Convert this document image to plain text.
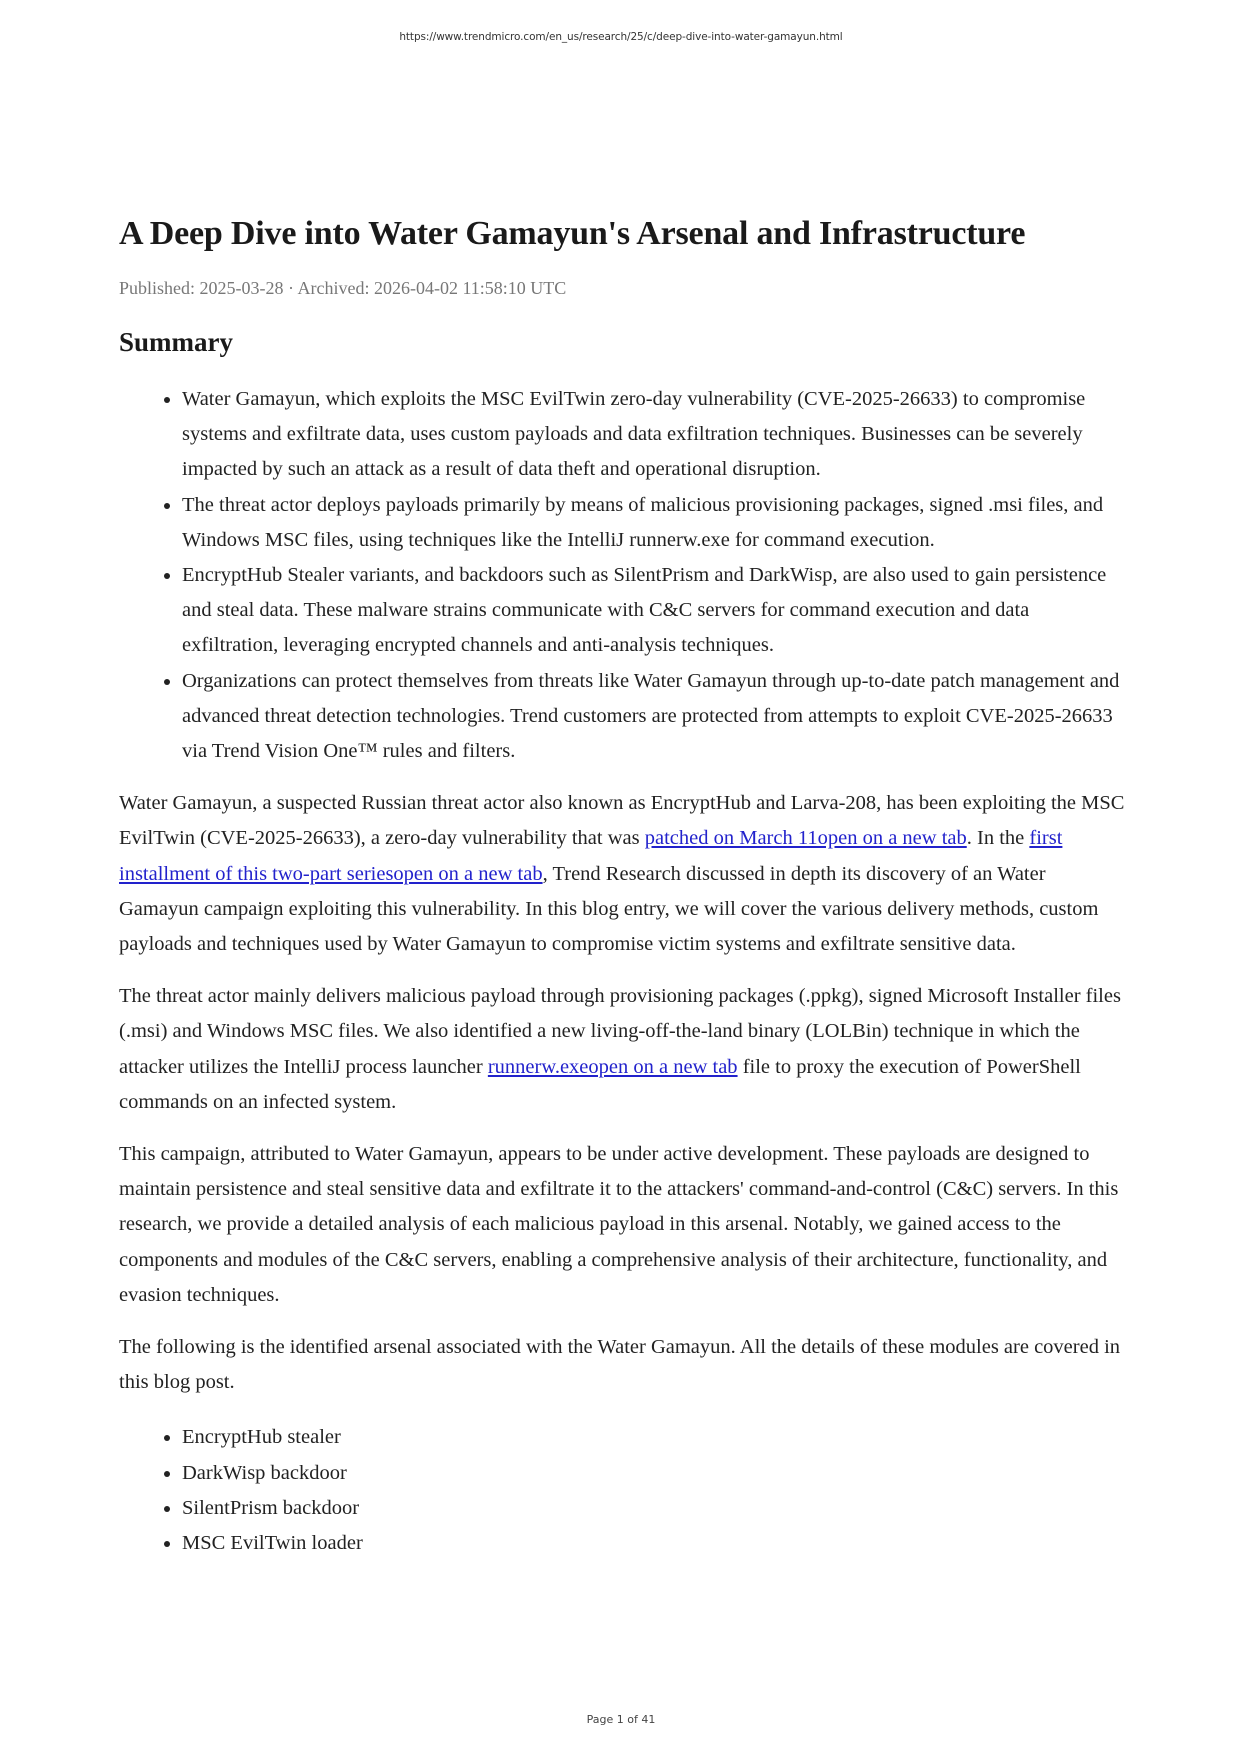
https://www.trendmicro.com/en_us/research/25/c/deep-dive-into-water-gamayun.html
A Deep Dive into Water Gamayun's Arsenal and Infrastructure
Published: 2025-03-28 · Archived: 2026-04-02 11:58:10 UTC
Summary
• Water Gamayun, which exploits the MSC EvilTwin zero-day vulnerability (CVE-2025-26633) to compromise systems and exfiltrate data, uses custom payloads and data exfiltration techniques. Businesses can be severely impacted by such an attack as a result of data theft and operational disruption.
• The threat actor deploys payloads primarily by means of malicious provisioning packages, signed .msi files, and Windows MSC files, using techniques like the IntelliJ runnerw.exe for command execution.
• EncryptHub Stealer variants, and backdoors such as SilentPrism and DarkWisp, are also used to gain persistence and steal data. These malware strains communicate with C&C servers for command execution and data exfiltration, leveraging encrypted channels and anti-analysis techniques.
• Organizations can protect themselves from threats like Water Gamayun through up-to-date patch management and advanced threat detection technologies. Trend customers are protected from attempts to exploit CVE-2025-26633 via Trend Vision One™ rules and filters.

Water Gamayun, a suspected Russian threat actor also known as EncryptHub and Larva-208, has been exploiting the MSC EvilTwin (CVE-2025-26633), a zero-day vulnerability that was patched on March 11open on a new tab. In the first installment of this two-part seriesopen on a new tab, Trend Research discussed in depth its discovery of an Water Gamayun campaign exploiting this vulnerability. In this blog entry, we will cover the various delivery methods, custom payloads and techniques used by Water Gamayun to compromise victim systems and exfiltrate sensitive data.

The threat actor mainly delivers malicious payload through provisioning packages (.ppkg), signed Microsoft Installer files (.msi) and Windows MSC files. We also identified a new living-off-the-land binary (LOLBin) technique in which the attacker utilizes the IntelliJ process launcher runnerw.exeopen on a new tab file to proxy the execution of PowerShell commands on an infected system.

This campaign, attributed to Water Gamayun, appears to be under active development. These payloads are designed to maintain persistence and steal sensitive data and exfiltrate it to the attackers' command-and-control (C&C) servers. In this research, we provide a detailed analysis of each malicious payload in this arsenal. Notably, we gained access to the components and modules of the C&C servers, enabling a comprehensive analysis of their architecture, functionality, and evasion techniques.

The following is the identified arsenal associated with the Water Gamayun. All the details of these modules are covered in this blog post.

• EncryptHub stealer
• DarkWisp backdoor
• SilentPrism backdoor
• MSC EvilTwin loader
Page 1 of 41
